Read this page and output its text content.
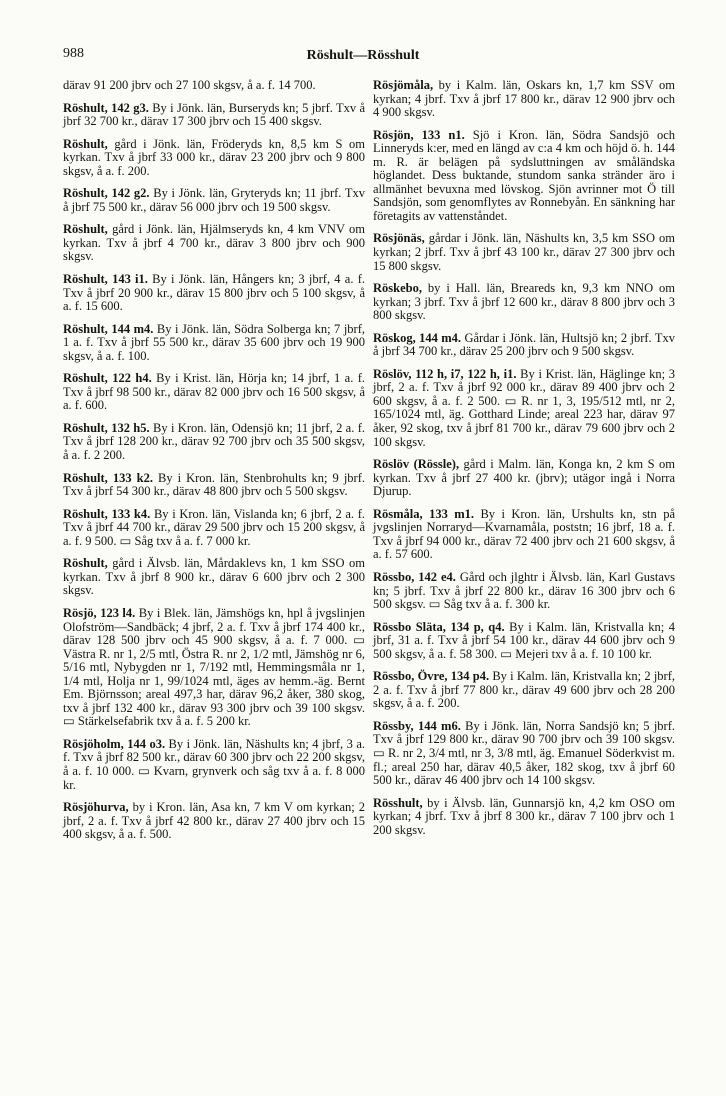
988	Röshult—Rösshult

därav 91 200 jbrv och 27 100 skgsv, å a. f. 14 700.

Röshult, 142 g3. By i Jönk. län, Burseryds kn; 5 jbrf. Txv å jbrf 32 700 kr., därav 17 300 jbrv och 15 400 skgsv.

Röshult, gård i Jönk. län, Fröderyds kn, 8,5 km S om kyrkan. Txv å jbrf 33 000 kr., därav 23 200 jbrv och 9 800 skgsv, å a. f. 200.

Röshult, 142 g2. By i Jönk. län, Gryteryds kn; 11 jbrf. Txv å jbrf 75 500 kr., därav 56 000 jbrv och 19 500 skgsv.

Röshult, gård i Jönk. län, Hjälmseryds kn, 4 km VNV om kyrkan. Txv å jbrf 4 700 kr., därav 3 800 jbrv och 900 skgsv.

Röshult, 143 i1. By i Jönk. län, Hångers kn; 3 jbrf, 4 a. f. Txv å jbrf 20 900 kr., därav 15 800 jbrv och 5 100 skgsv, å a. f. 15 600.

Röshult, 144 m4. By i Jönk. län, Södra Solberga kn; 7 jbrf, 1 a. f. Txv å jbrf 55 500 kr., därav 35 600 jbrv och 19 900 skgsv, å a. f. 100.

Röshult, 122 h4. By i Krist. län, Hörja kn; 14 jbrf, 1 a. f. Txv å jbrf 98 500 kr., därav 82 000 jbrv och 16 500 skgsv, å a. f. 600.

Röshult, 132 h5. By i Kron. län, Odensjö kn; 11 jbrf, 2 a. f. Txv å jbrf 128 200 kr., därav 92 700 jbrv och 35 500 skgsv, å a. f. 2 200.

Röshult, 133 k2. By i Kron. län, Stenbrohults kn; 9 jbrf. Txv å jbrf 54 300 kr., därav 48 800 jbrv och 5 500 skgsv.

Röshult, 133 k4. By i Kron. län, Vislanda kn; 6 jbrf, 2 a. f. Txv å jbrf 44 700 kr., därav 29 500 jbrv och 15 200 skgsv, å a. f. 9 500. ▭ Såg txv å a. f. 7 000 kr.

Röshult, gård i Älvsb. län, Mårdaklevs kn, 1 km SSO om kyrkan. Txv å jbrf 8 900 kr., därav 6 600 jbrv och 2 300 skgsv.

Rösjö, 123 l4. By i Blek. län, Jämshögs kn, hpl å jvgslinjen Olofström—Sandbäck; 4 jbrf, 2 a. f. Txv å jbrf 174 400 kr., därav 128 500 jbrv och 45 900 skgsv, å a. f. 7 000. ▭ Västra R. nr 1, 2/5 mtl, Östra R. nr 2, 1/2 mtl, Jämshög nr 6, 5/16 mtl, Nybygden nr 1, 7/192 mtl, Hemmingsmåla nr 1, 1/4 mtl, Holja nr 1, 99/1024 mtl, äges av hemm.-äg. Bernt Em. Björnsson; areal 497,3 har, därav 96,2 åker, 380 skog, txv å jbrf 132 400 kr., därav 93 300 jbrv och 39 100 skgsv. ▭ Stärkelsefabrik txv å a. f. 5 200 kr.

Rösjöholm, 144 o3. By i Jönk. län, Näshults kn; 4 jbrf, 3 a. f. Txv å jbrf 82 500 kr., därav 60 300 jbrv och 22 200 skgsv, å a. f. 10 000. ▭ Kvarn, grynverk och såg txv å a. f. 8 000 kr.

Rösjöhurva, by i Kron. län, Asa kn, 7 km V om kyrkan; 2 jbrf, 2 a. f. Txv å jbrf 42 800 kr., därav 27 400 jbrv och 15 400 skgsv, å a. f. 500.

Rösjömåla, by i Kalm. län, Oskars kn, 1,7 km SSV om kyrkan; 4 jbrf. Txv å jbrf 17 800 kr., därav 12 900 jbrv och 4 900 skgsv.

Rösjön, 133 n1. Sjö i Kron. län, Södra Sandsjö och Linneryds k:er, med en längd av c:a 4 km och höjd ö. h. 144 m. R. är belägen på sydsluttningen av småländska höglandet. Dess buktande, stundom sanka stränder äro i allmänhet bevuxna med lövskog. Sjön avrinner mot Ö till Sandsjön, som genomflytes av Ronnebyån. En sänkning har företagits av vattenståndet.

Rösjönäs, gårdar i Jönk. län, Näshults kn, 3,5 km SSO om kyrkan; 2 jbrf. Txv å jbrf 43 100 kr., därav 27 300 jbrv och 15 800 skgsv.

Röskebo, by i Hall. län, Breareds kn, 9,3 km NNO om kyrkan; 3 jbrf. Txv å jbrf 12 600 kr., därav 8 800 jbrv och 3 800 skgsv.

Röskog, 144 m4. Gårdar i Jönk. län, Hultsjö kn; 2 jbrf. Txv å jbrf 34 700 kr., därav 25 200 jbrv och 9 500 skgsv.

Röslöv, 112 h, i7, 122 h, i1. By i Krist. län, Häglinge kn; 3 jbrf, 2 a. f. Txv å jbrf 92 000 kr., därav 89 400 jbrv och 2 600 skgsv, å a. f. 2 500. ▭ R. nr 1, 3, 195/512 mtl, nr 2, 165/1024 mtl, äg. Gotthard Linde; areal 223 har, därav 97 åker, 92 skog, txv å jbrf 81 700 kr., därav 79 600 jbrv och 2 100 skgsv.

Röslöv (Rössle), gård i Malm. län, Konga kn, 2 km S om kyrkan. Txv å jbrf 27 400 kr. (jbrv); utägor ingå i Norra Djurup.

Rösmåla, 133 m1. By i Kron. län, Urshults kn, stn på jvgslinjen Norraryd—Kvarnamåla, poststn; 16 jbrf, 18 a. f. Txv å jbrf 94 000 kr., därav 72 400 jbrv och 21 600 skgsv, å a. f. 57 600.

Rössbo, 142 e4. Gård och jlghtr i Älvsb. län, Karl Gustavs kn; 5 jbrf. Txv å jbrf 22 800 kr., därav 16 300 jbrv och 6 500 skgsv. ▭ Såg txv å a. f. 300 kr.

Rössbo Släta, 134 p, q4. By i Kalm. län, Kristvalla kn; 4 jbrf, 31 a. f. Txv å jbrf 54 100 kr., därav 44 600 jbrv och 9 500 skgsv, å a. f. 58 300. ▭ Mejeri txv å a. f. 10 100 kr.

Rössbo, Övre, 134 p4. By i Kalm. län, Kristvalla kn; 2 jbrf, 2 a. f. Txv å jbrf 77 800 kr., därav 49 600 jbrv och 28 200 skgsv, å a. f. 200.

Rössby, 144 m6. By i Jönk. län, Norra Sandsjö kn; 5 jbrf. Txv å jbrf 129 800 kr., därav 90 700 jbrv och 39 100 skgsv. ▭ R. nr 2, 3/4 mtl, nr 3, 3/8 mtl, äg. Emanuel Söderkvist m. fl.; areal 250 har, därav 40,5 åker, 182 skog, txv å jbrf 60 500 kr., därav 46 400 jbrv och 14 100 skgsv.

Rösshult, by i Älvsb. län, Gunnarsjö kn, 4,2 km OSO om kyrkan; 4 jbrf. Txv å jbrf 8 300 kr., därav 7 100 jbrv och 1 200 skgsv.
